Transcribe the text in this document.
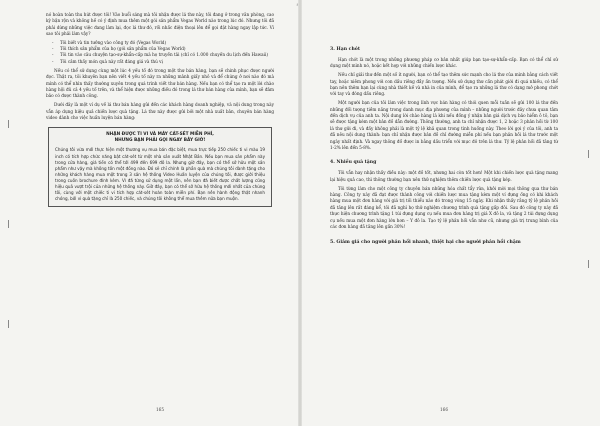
nó hoàn toàn thu hút được tôi! Vào buổi sáng mà tôi nhận được lá thư này, tôi đang ở trong văn phòng, cao kỳ bận rộn và không hề có ý định mua thêm một gói sản phẩm Vegas World nào trong lúc đó. Nhưng tôi đã phải dừng những việc đang làm lại, đọc lá thư đó, rồi nhấc điện thoại lên để gọi đặt hàng ngay lập tức. Vì sao tôi phải làm vậy?

- Tôi biết và tin tưởng vào công ty đó (Vegas World)
- Tôi thích sản phẩm của họ (gói sản phẩm của Vegas World)
- Tôi tin vào câu chuyện tạo-sự-khẩn-cấp mà họ truyền tải (chỉ có 1.000 chuyến du lịch đến Hawaii)
- Tôi cảm thấy món quà này rất đáng giá và thú vị

Nếu có thể sử dụng cùng một lúc 4 yếu tố đó trong một thư bán hàng, bạn sẽ chinh phục được người đọc. Thật ra, tôi khuyên bạn nên viết 4 yếu tố này ra những mảnh giấy nhỏ và để chúng ở nơi nào đó mà mình có thể nhìn thấy thường xuyên trong quá trình viết thư bán hàng. Nếu bạn có thể tạo ra một lời chào hàng hội đủ cả 4 yếu tố trên, và thể hiện được những điều đó trong lá thư bán hàng của mình, bạn sẽ đảm bảo có được thành công.

Dưới đây là một ví dụ về lá thư bán hàng gửi đến các khách hàng doanh nghiệp, và nội dung trong này vẫn áp dụng hiệu quả chiến lược quà tặng. Lá thư này được gửi bởi một nhà xuất bản, chuyên bán hàng video dành cho việc huấn luyện bán hàng:

NHẬN ĐƯỢC TI VI VÀ MÁY CÁT-SÉT MIỄN PHÍ,
NHƯNG BẠN PHẢI GỌI NGAY BÂY GIỜ!

Chúng tôi vừa mới thực hiện một thương vụ mua bán đặc biệt, mua trực tiếp 250 chiếc ti vi màu 19 inch có tích hợp chức năng bật cát-sét từ một nhà sản xuất Nhật Bản. Nếu bạn mua sản phẩm này trong cửa hàng, giá tiền có thể tới 499 đến 699 đô la. Nhưng giờ đây, bạn có thể sở hữu một sản phẩm như vậy mà không tốn một đồng nào. Đó sẽ chỉ chính là phần quà mà chúng tôi dành tặng cho những khách hàng mua một trong 3 sản hệ thống Video Huấn luyện của chúng tôi, được giới thiệu trong cuốn brochure đính kèm. Vì đã từng sử dụng một lần, nên bạn đã biết được chất lượng cũng hiệu quả vượt trội của những hệ thống này. Giờ đây, bạn có thể sở hữu hệ thống mới nhất của chúng tôi, cùng với một chiếc ti vi tích hợp cát-sét hoàn toàn miễn phí. Bạn nên hành động thật nhanh chóng, bởi vì quà tặng chỉ là 250 chiếc, và chúng tôi không thể mua thêm nữa bạn muộn.

165
3. Hạn chót

Hạn chót là một trong những phương pháp cơ bản nhất giúp bạn tạo-sự-khẩn-cấp. Bạn có thể chỉ sử dụng một mình nó, hoặc kết hợp với những chiến lược khác.

Nếu chỉ giải thư đến một số ít người, bạn có thể tạo thêm sức mạnh cho lá thư của mình bằng cách viết tay, hoặc niêm phong với con dấu riêng đầy ấn tượng. Nếu sử dụng thư cần phát giới đi quá nhiều, có thể bạn nên thêm hạn lại cùng nhà thiết kế và nhà in của mình, để tạo ra những lá thư có dạng mở phong chớt với tay và đóng dấu riêng.

Một người bạn của tôi làm việc trong lĩnh vực bán hàng có thói quen mỗi tuần sẽ gửi 100 lá thư đến những đối tượng tiềm năng trong danh mục địa phương của mình – những người trước đây chưa quan tâm đến dịch vụ của anh ta. Nội dung lời chào hàng là khi nếu đồng ý nhận bản giá dịch vụ bảo hiểm ô tô, bạn sẽ được tặng kèm một bản đồ dẫn đường. Thông thường, anh ta chỉ nhận được 1, 2 hoặc 3 phản hồi từ 100 lá thư gửi đi, và đấy không phải là một tỷ lệ khả quan trong tình huống này. Theo lời gợi ý của tôi, anh ta đã nêu nội dung thành: bạn chỉ nhận được bản đồ chỉ đường miễn phí nếu bạn phản hồi lá thư trước một ngày nhất định. Và ngay thông đồ được in bằng dấu triển với mục đỏ trên lá thư. Tỷ lệ phản hồi đã tăng từ 1-2% lên đến 5-8%.

4. Nhiều quà tặng

Tôi vẫn hay nhận thấy điều này: một đồ tốt, nhưng hai còn tốt hơn! Một khi chiến lược quà tặng mang lại hiệu quả cao, thì thông thường bạn nên thử nghiệm thêm chiến lược quà tặng kép.

Tôi từng làm cho một công ty chuyên bán những hóa chất tẩy rửa, khởi mời mọi thông qua thư bán hàng. Công ty này đã đạt được thành công với chiến lược mua tặng kèm một ví đựng ống có khi khách hàng mua một đơn hàng với giá trị tối thiểu nào đó trong vòng 15 ngày. Khi nhận thấy rằng tỷ lệ phản hồi đã tăng lên rất đáng kể, tôi đã nghĩ họ thử nghiệm chương trình quà tặng gấp đôi. Sau đó công ty này đã thực hiện chương trình tặng 1 túi đựng dụng cụ nếu mua đơn hàng trị giá X đô la, và tặng 2 túi đựng dụng cụ nếu mua một đơn hàng lớn hơn – Y đô la. Tạo tỷ lệ phản hồi vẫn như cũ, nhưng giá trị trung bình của các đơn hàng đã tăng lên gần 30%!

5. Giảm giá cho người phản hồi nhanh, thiệt hại cho người phản hồi chậm
166
